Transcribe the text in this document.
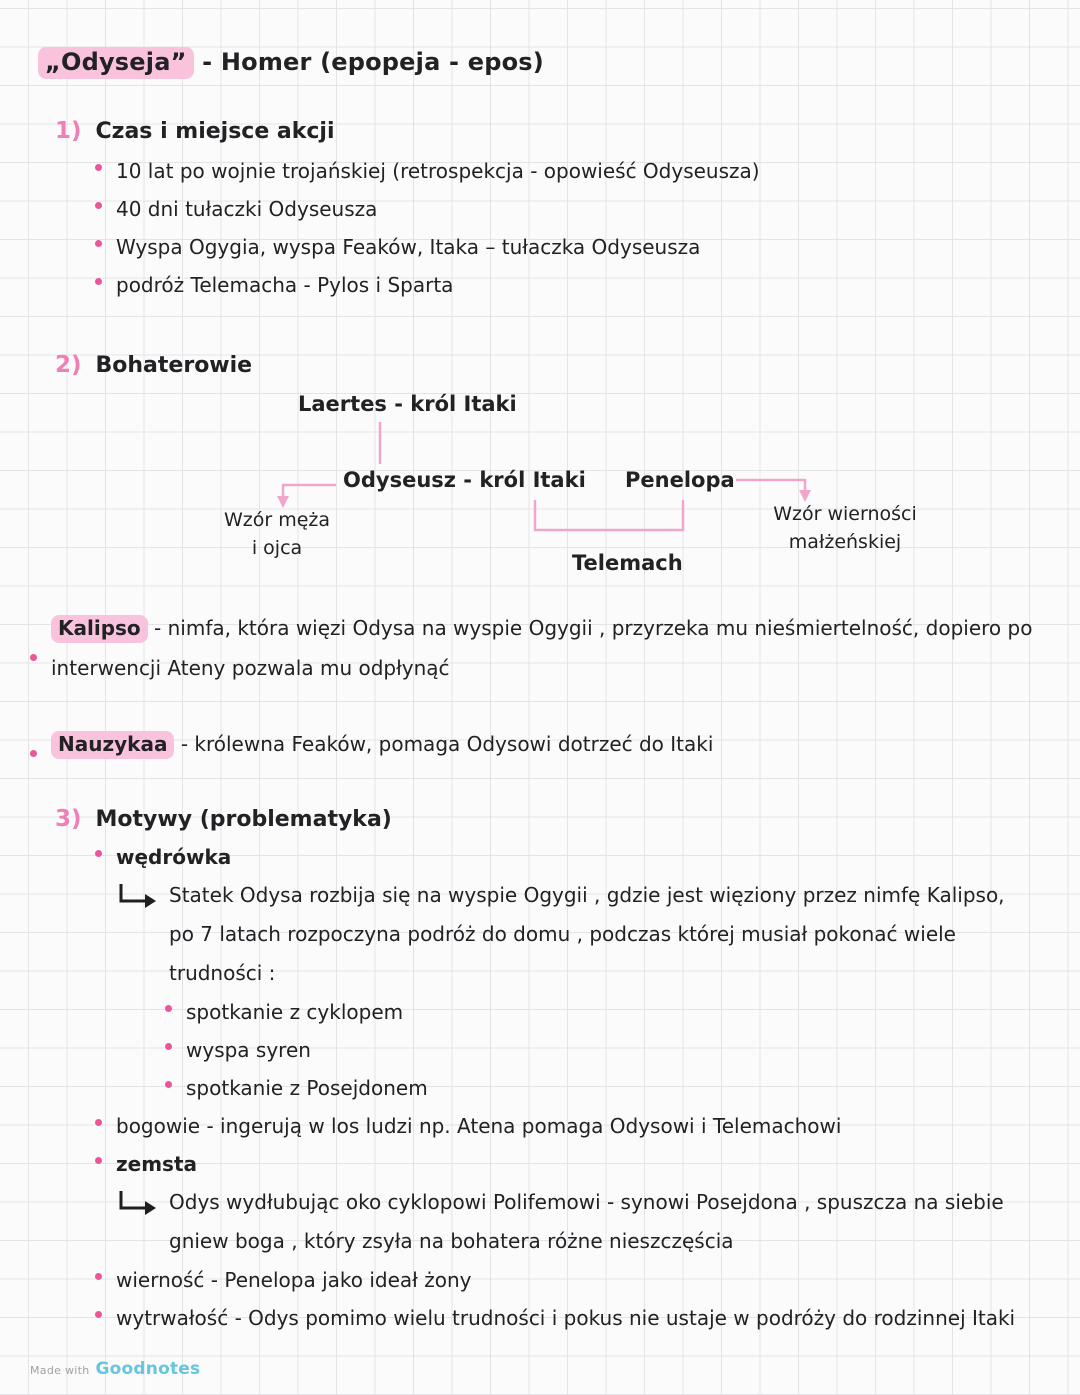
„Odyseja” - Homer (epopeja - epos)
1) Czas i miejsce akcji
10 lat po wojnie trojańskiej (retrospekcja - opowieść Odyseusza)
40 dni tułaczki Odyseusza
Wyspa Ogygia, wyspa Feaków, Itaka – tułaczka Odyseusza
podróż Telemacha - Pylos i Sparta
2) Bohaterowie
Laertes - król Itaki
Odyseusz - król Itaki Penelopa
Wzór męża
i ojca
Wzór wierności
małżeńskiej
Telemach
Kalipso - nimfa, która więzi Odysa na wyspie Ogygii , przyrzeka mu nieśmiertelność, dopiero po interwencji Ateny pozwala mu odpłynąć
Nauzykaa - królewna Feaków, pomaga Odysowi dotrzeć do Itaki
3) Motywy (problematyka)
wędrówka

Statek Odysa rozbija się na wyspie Ogygii , gdzie jest więziony przez nimfę Kalipso, po 7 latach rozpoczyna podróż do domu , podczas której musiał pokonać wiele trudności :

spotkanie z cyklopem
wyspa syren
spotkanie z Posejdonem
bogowie - ingerują w los ludzi np. Atena pomaga Odysowi i Telemachowi
zemsta

Odys wydłubując oko cyklopowi Polifemowi - synowi Posejdona , spuszcza na siebie gniew boga , który zsyła na bohatera różne nieszczęścia

wierność - Penelopa jako ideał żony
wytrwałość - Odys pomimo wielu trudności i pokus nie ustaje w podróży do rodzinnej Itaki
Made with Goodnotes
